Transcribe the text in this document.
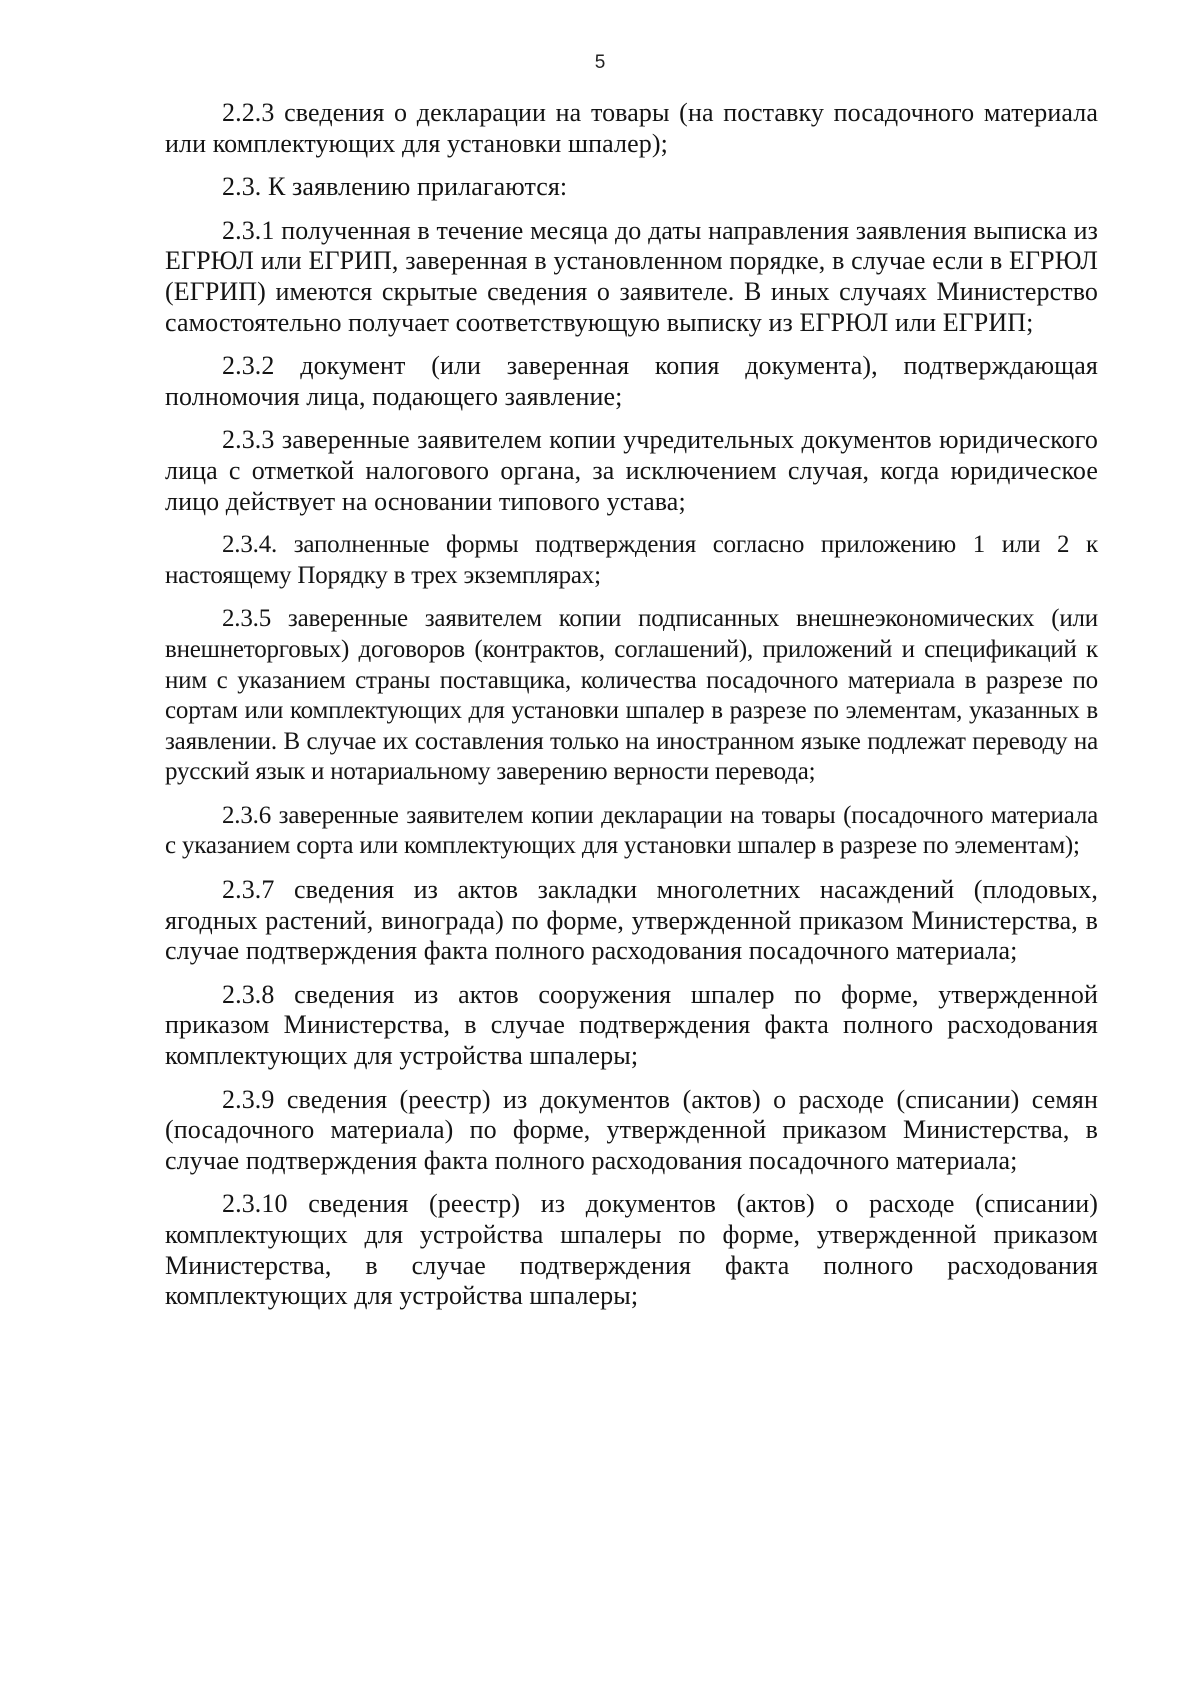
5

2.2.3 сведения о декларации на товары (на поставку посадочного материала или комплектующих для установки шпалер);

2.3. К заявлению прилагаются:

2.3.1 полученная в течение месяца до даты направления заявления выписка из ЕГРЮЛ или ЕГРИП, заверенная в установленном порядке, в случае если в ЕГРЮЛ (ЕГРИП) имеются скрытые сведения о заявителе. В иных случаях Министерство самостоятельно получает соответствующую выписку из ЕГРЮЛ или ЕГРИП;

2.3.2 документ (или заверенная копия документа), подтверждающая полномочия лица, подающего заявление;

2.3.3 заверенные заявителем копии учредительных документов юридического лица с отметкой налогового органа, за исключением случая, когда юридическое лицо действует на основании типового устава;

2.3.4. заполненные формы подтверждения согласно приложению 1 или 2 к настоящему Порядку в трех экземплярах;

2.3.5 заверенные заявителем копии подписанных внешнеэкономических (или внешнеторговых) договоров (контрактов, соглашений), приложений и спецификаций к ним с указанием страны поставщика, количества посадочного материала в разрезе по сортам или комплектующих для установки шпалер в разрезе по элементам, указанных в заявлении. В случае их составления только на иностранном языке подлежат переводу на русский язык и нотариальному заверению верности перевода;

2.3.6 заверенные заявителем копии декларации на товары (посадочного материала с указанием сорта или комплектующих для установки шпалер в разрезе по элементам);

2.3.7 сведения из актов закладки многолетних насаждений (плодовых, ягодных растений, винограда) по форме, утвержденной приказом Министерства, в случае подтверждения факта полного расходования посадочного материала;

2.3.8 сведения из актов сооружения шпалер по форме, утвержденной приказом Министерства, в случае подтверждения факта полного расходования комплектующих для устройства шпалеры;

2.3.9 сведения (реестр) из документов (актов) о расходе (списании) семян (посадочного материала) по форме, утвержденной приказом Министерства, в случае подтверждения факта полного расходования посадочного материала;

2.3.10 сведения (реестр) из документов (актов) о расходе (списании) комплектующих для устройства шпалеры по форме, утвержденной приказом Министерства, в случае подтверждения факта полного расходования комплектующих для устройства шпалеры;
